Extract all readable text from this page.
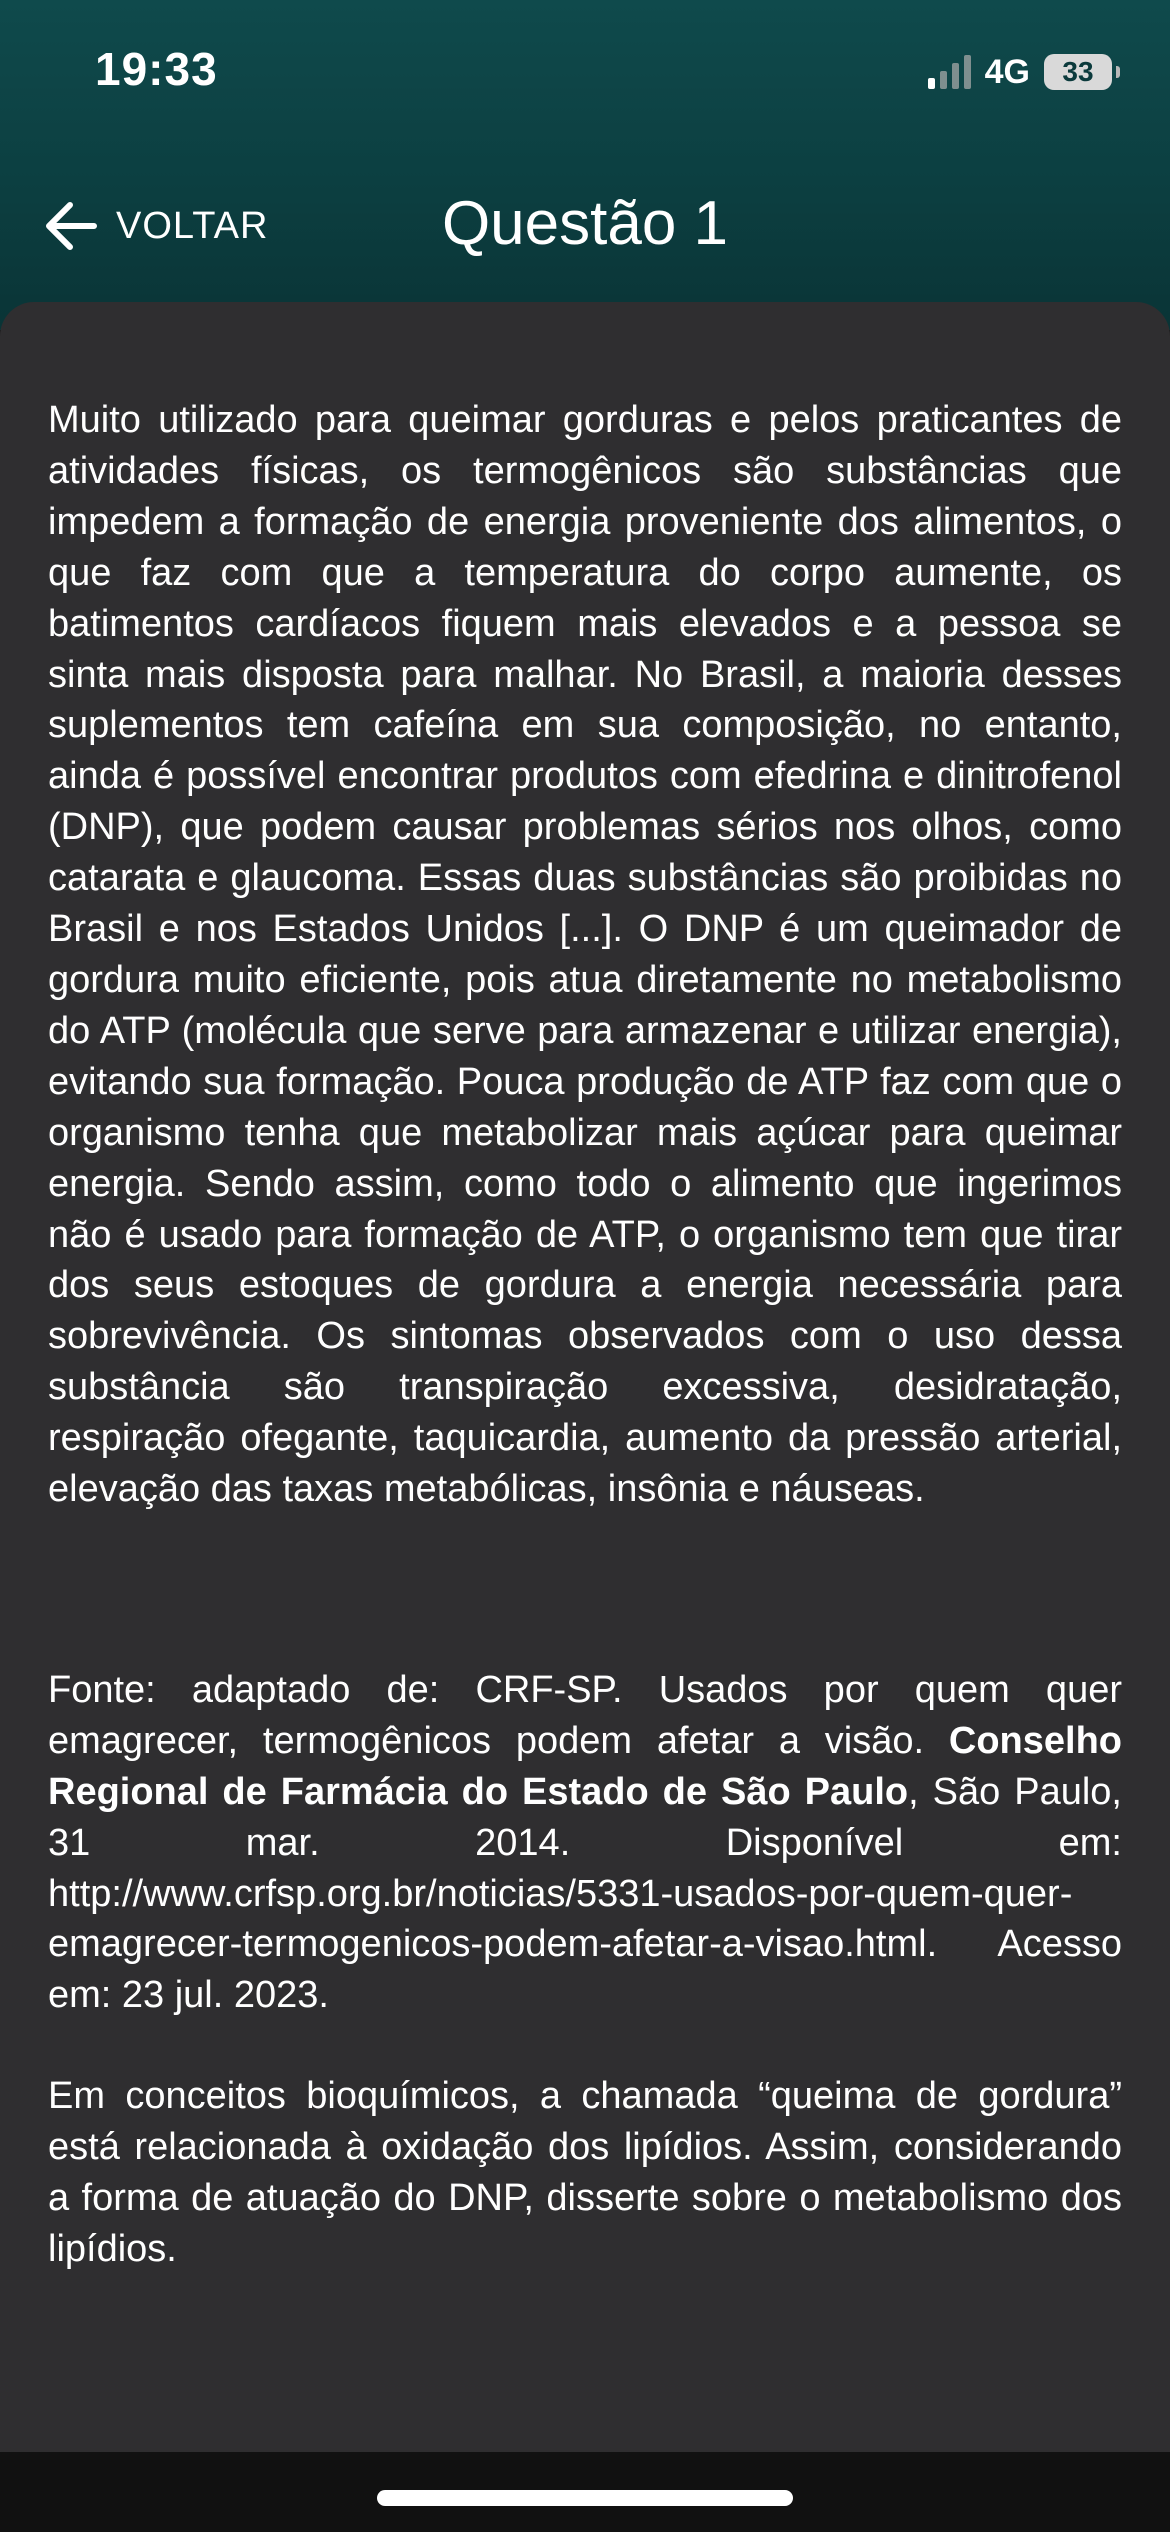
19:33	4G 33
VOLTAR	Questão 1

Muito utilizado para queimar gorduras e pelos praticantes de atividades físicas, os termogênicos são substâncias que impedem a formação de energia proveniente dos alimentos, o que faz com que a temperatura do corpo aumente, os batimentos cardíacos fiquem mais elevados e a pessoa se sinta mais disposta para malhar. No Brasil, a maioria desses suplementos tem cafeína em sua composição, no entanto, ainda é possível encontrar produtos com efedrina e dinitrofenol (DNP), que podem causar problemas sérios nos olhos, como catarata e glaucoma. Essas duas substâncias são proibidas no Brasil e nos Estados Unidos [...]. O DNP é um queimador de gordura muito eficiente, pois atua diretamente no metabolismo do ATP (molécula que serve para armazenar e utilizar energia), evitando sua formação. Pouca produção de ATP faz com que o organismo tenha que metabolizar mais açúcar para queimar energia. Sendo assim, como todo o alimento que ingerimos não é usado para formação de ATP, o organismo tem que tirar dos seus estoques de gordura a energia necessária para sobrevivência. Os sintomas observados com o uso dessa substância são transpiração excessiva, desidratação, respiração ofegante, taquicardia, aumento da pressão arterial, elevação das taxas metabólicas, insônia e náuseas.

Fonte: adaptado de: CRF-SP. Usados por quem quer emagrecer, termogênicos podem afetar a visão. Conselho Regional de Farmácia do Estado de São Paulo, São Paulo, 31 mar. 2014. Disponível em: http://www.crfsp.org.br/noticias/5331-usados-por-quem-quer-emagrecer-termogenicos-podem-afetar-a-visao.html. Acesso em: 23 jul. 2023.

Em conceitos bioquímicos, a chamada “queima de gordura” está relacionada à oxidação dos lipídios. Assim, considerando a forma de atuação do DNP, disserte sobre o metabolismo dos lipídios.
